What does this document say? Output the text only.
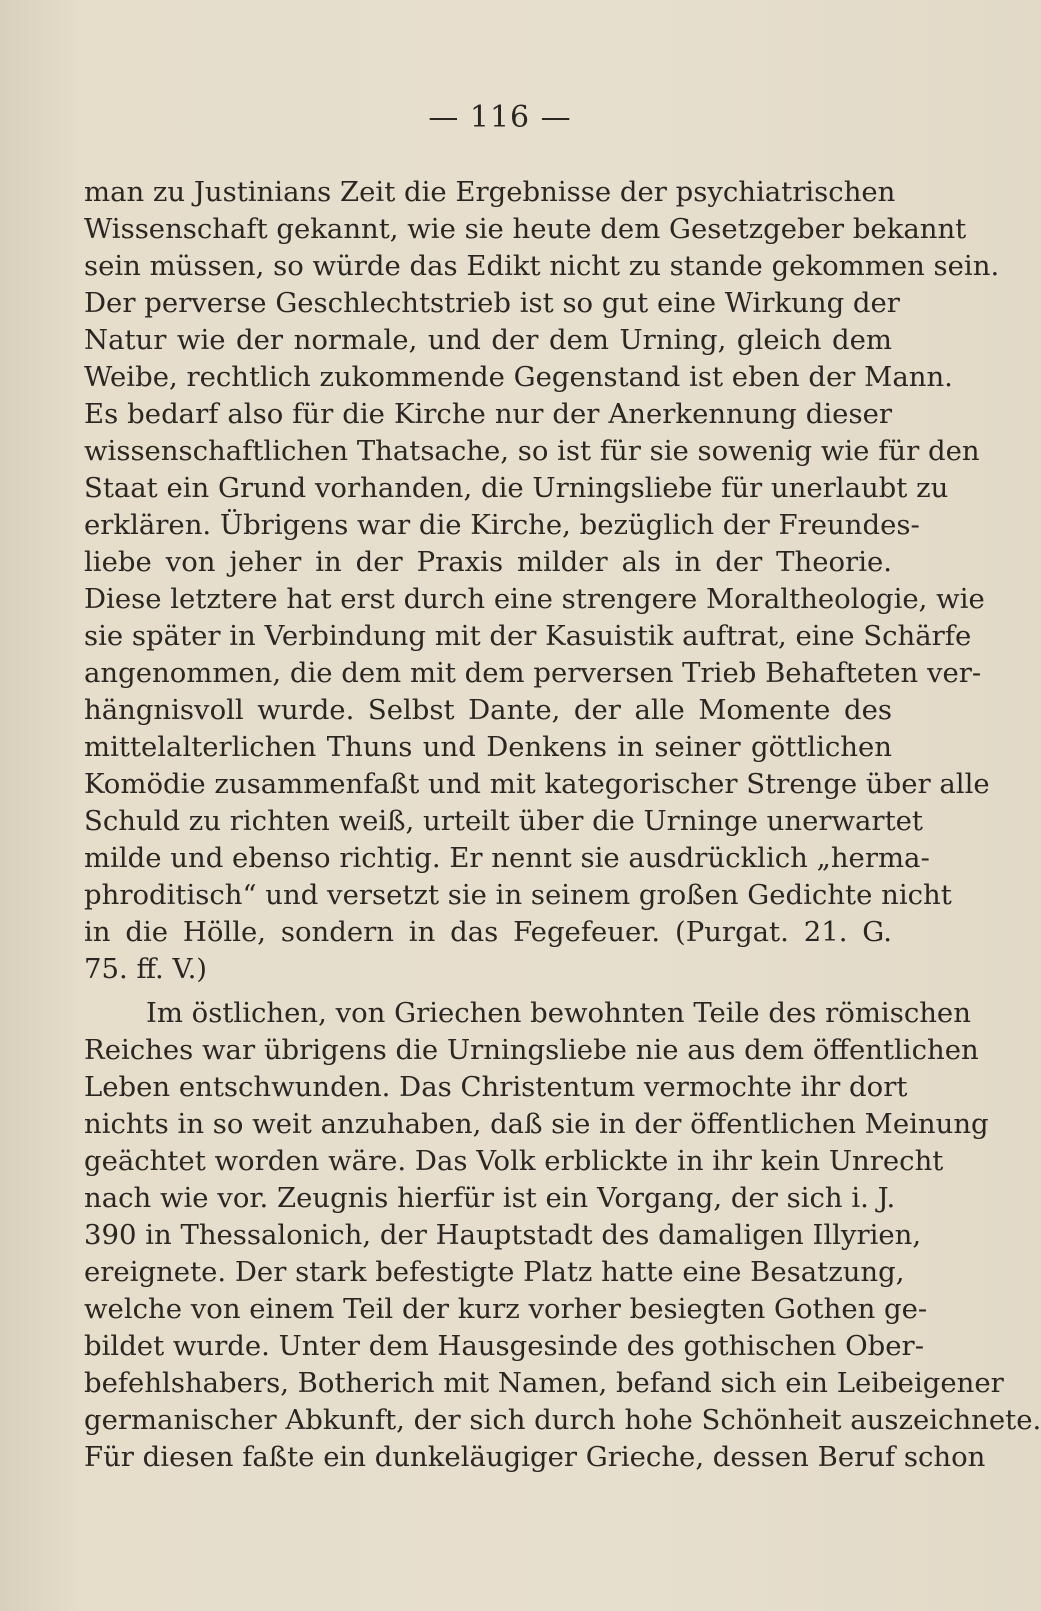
— 116 —
man zu Justinians Zeit die Ergebnisse der psychiatrischen
Wissenschaft gekannt, wie sie heute dem Gesetzgeber bekannt
sein müssen, so würde das Edikt nicht zu stande gekommen sein.
Der perverse Geschlechtstrieb ist so gut eine Wirkung der
Natur wie der normale, und der dem Urning, gleich dem
Weibe, rechtlich zukommende Gegenstand ist eben der Mann.
Es bedarf also für die Kirche nur der Anerkennung dieser
wissenschaftlichen Thatsache, so ist für sie sowenig wie für den
Staat ein Grund vorhanden, die Urningsliebe für unerlaubt zu
erklären. Übrigens war die Kirche, bezüglich der Freundes-
liebe von jeher in der Praxis milder als in der Theorie.
Diese letztere hat erst durch eine strengere Moraltheologie, wie
sie später in Verbindung mit der Kasuistik auftrat, eine Schärfe
angenommen, die dem mit dem perversen Trieb Behafteten ver-
hängnisvoll wurde. Selbst Dante, der alle Momente des
mittelalterlichen Thuns und Denkens in seiner göttlichen
Komödie zusammenfaßt und mit kategorischer Strenge über alle
Schuld zu richten weiß, urteilt über die Urninge unerwartet
milde und ebenso richtig. Er nennt sie ausdrücklich „herma-
phroditisch“ und versetzt sie in seinem großen Gedichte nicht
in die Hölle, sondern in das Fegefeuer. (Purgat. 21. G.
75. ff. V.)
Im östlichen, von Griechen bewohnten Teile des römischen
Reiches war übrigens die Urningsliebe nie aus dem öffentlichen
Leben entschwunden. Das Christentum vermochte ihr dort
nichts in so weit anzuhaben, daß sie in der öffentlichen Meinung
geächtet worden wäre. Das Volk erblickte in ihr kein Unrecht
nach wie vor. Zeugnis hierfür ist ein Vorgang, der sich i. J.
390 in Thessalonich, der Hauptstadt des damaligen Illyrien,
ereignete. Der stark befestigte Platz hatte eine Besatzung,
welche von einem Teil der kurz vorher besiegten Gothen ge-
bildet wurde. Unter dem Hausgesinde des gothischen Ober-
befehlshabers, Botherich mit Namen, befand sich ein Leibeigener
germanischer Abkunft, der sich durch hohe Schönheit auszeichnete.
Für diesen faßte ein dunkeläugiger Grieche, dessen Beruf schon
